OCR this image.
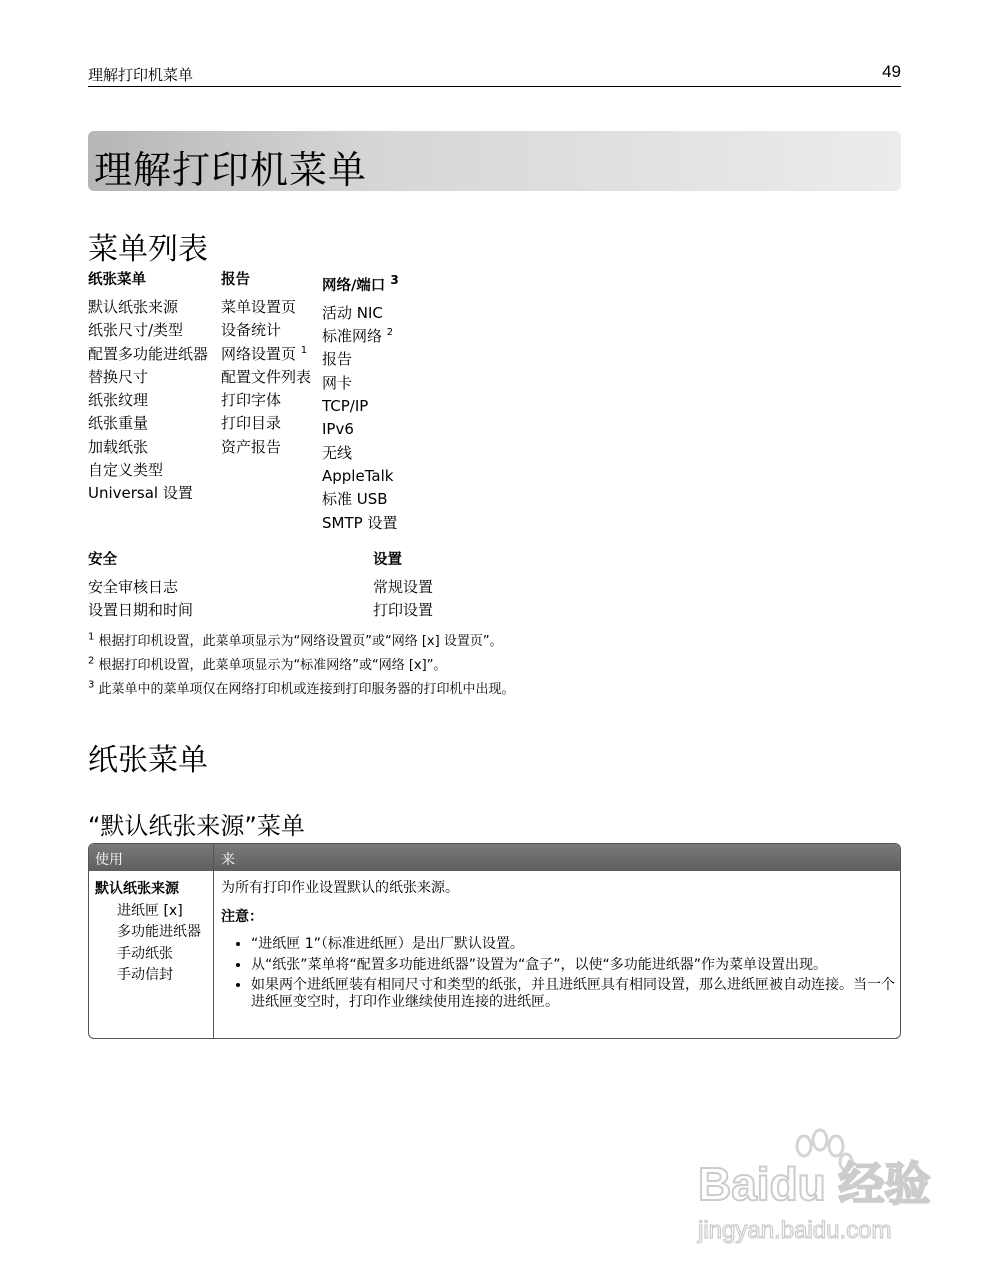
理解打印机菜单	49
理解打印机菜单
菜单列表
纸张菜单
默认纸张来源
纸张尺寸/类型
配置多功能进纸器
替换尺寸
纸张纹理
纸张重量
加载纸张
自定义类型
Universal 设置
报告
菜单设置页
设备统计
网络设置页 $^1$
配置文件列表
打印字体
打印目录
资产报告
网络/端口 $^3$
活动 NIC
标准网络 $^2$
报告
网卡
TCP/IP
IPv6
无线
AppleTalk
标准 USB
SMTP 设置
安全
安全审核日志
设置日期和时间
设置
常规设置
打印设置
$^1$ 根据打印机设置，此菜单项显示为“网络设置页”或“网络 [x] 设置页”。
$^2$ 根据打印机设置，此菜单项显示为“标准网络”或“网络 [x]”。
$^3$ 此菜单中的菜单项仅在网络打印机或连接到打印服务器的打印机中出现。
纸张菜单
“默认纸张来源”菜单
使用	来
默认纸张来源
进纸匣 [x]
多功能进纸器
手动纸张
手动信封
为所有打印作业设置默认的纸张来源。
注意：
• “进纸匣 1”（标准进纸匣）是出厂默认设置。
• 从“纸张”菜单将“配置多功能进纸器”设置为“盒子”，以使“多功能进纸器”作为菜单设置出现。
• 如果两个进纸匣装有相同尺寸和类型的纸张，并且进纸匣具有相同设置，那么进纸匣被自动连接。当一个进纸匣变空时，打印作业继续使用连接的进纸匣。
Baidu 经验
jingyan.baidu.com
